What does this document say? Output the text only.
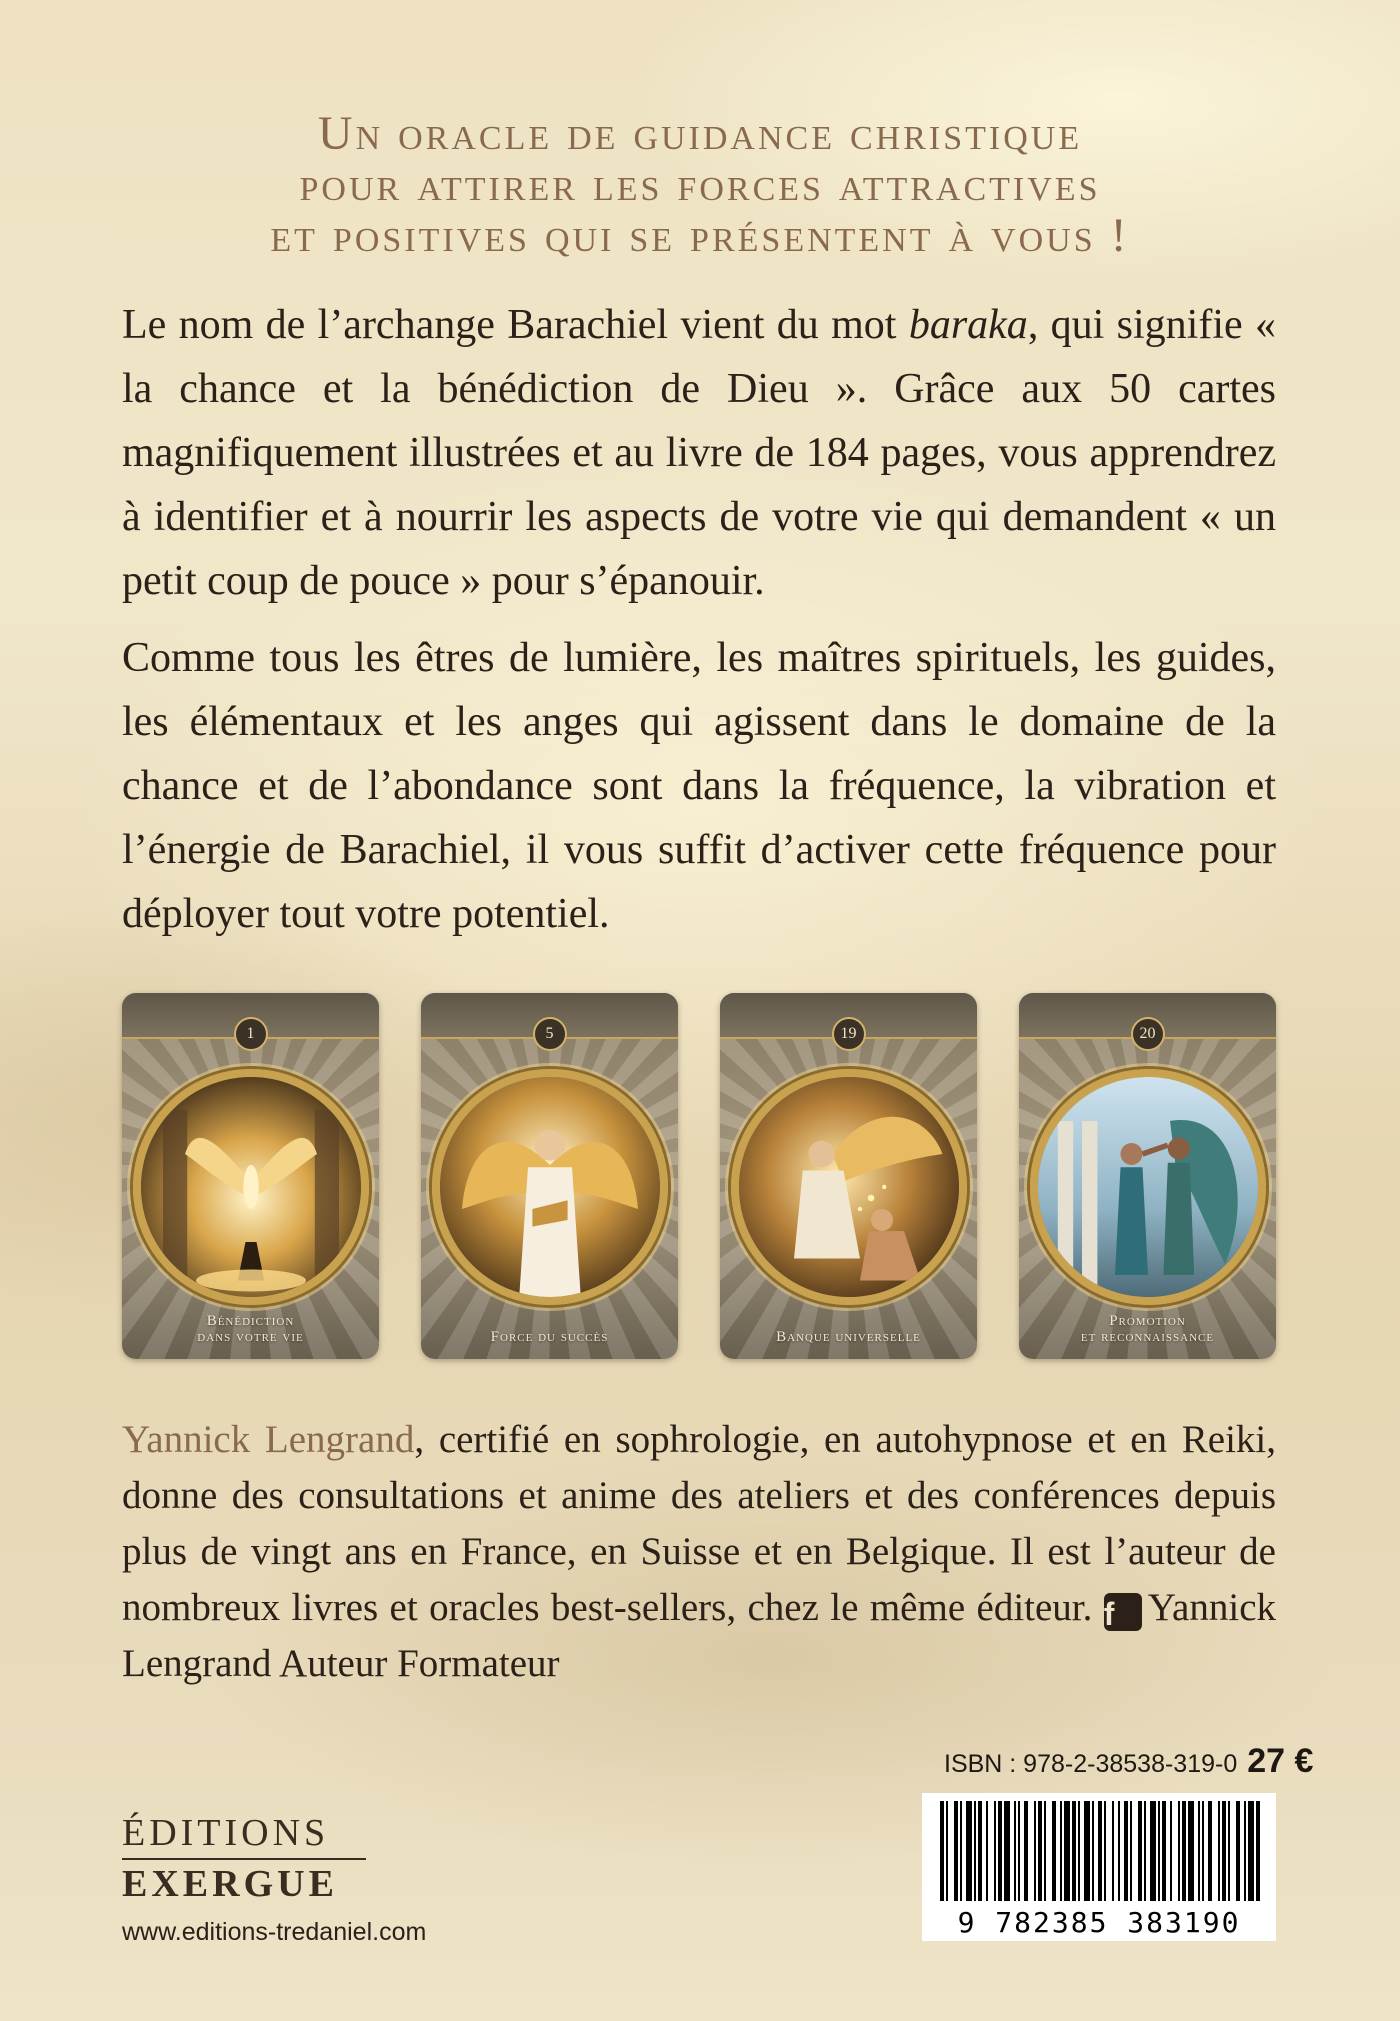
Un oracle de guidance christique
pour attirer les forces attractives
et positives qui se présentent à vous !

Le nom de l’archange Barachiel vient du mot baraka, qui signifie « la chance et la bénédiction de Dieu ». Grâce aux 50 cartes magnifiquement illustrées et au livre de 184 pages, vous apprendrez à identifier et à nourrir les aspects de votre vie qui demandent « un petit coup de pouce » pour s’épanouir.

Comme tous les êtres de lumière, les maîtres spirituels, les guides, les élémentaux et les anges qui agissent dans le domaine de la chance et de l’abondance sont dans la fréquence, la vibration et l’énergie de Barachiel, il vous suffit d’activer cette fréquence pour déployer tout votre potentiel.

1
Bénédiction
dans votre vie
5
Force du succès
19
Banque universelle
20
Promotion
et reconnaissance

Yannick Lengrand, certifié en sophrologie, en autohypnose et en Reiki, donne des consultations et anime des ateliers et des conférences depuis plus de vingt ans en France, en Suisse et en Belgique. Il est l’auteur de nombreux livres et oracles best-sellers, chez le même éditeur. f Yannick Lengrand Auteur Formateur

ÉDITIONS
EXERGUE
www.editions-tredaniel.com
ISBN : 978-2-38538-319-0 27 €
9 782385 383190
